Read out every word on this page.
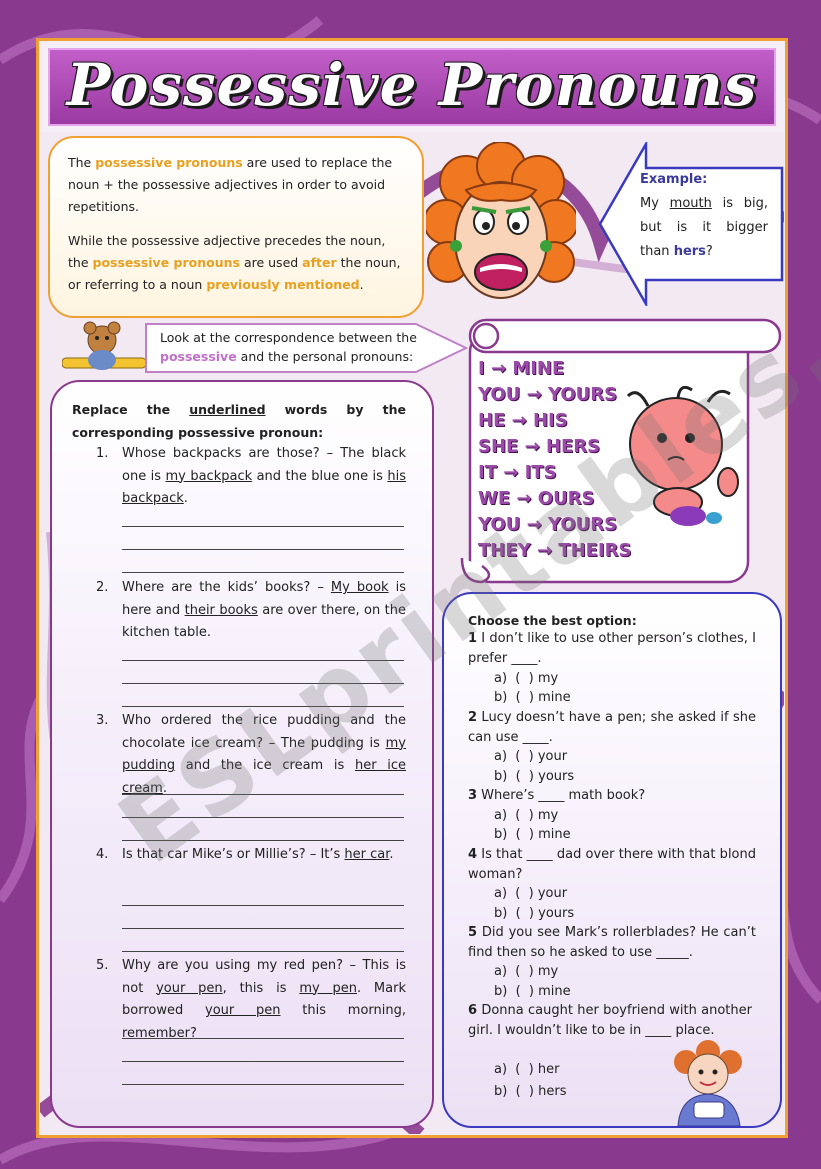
Possessive Pronouns

The possessive pronouns are used to replace the noun + the possessive adjectives in order to avoid repetitions.

While the possessive adjective precedes the noun, the possessive pronouns are used after the noun, or referring to a noun previously mentioned.

Example:
My mouth is big, but is it bigger than hers?
Look at the correspondence between the possessive and the personal pronouns:
I → MINE
YOU → YOURS
HE → HIS
SHE → HERS
IT → ITS
WE → OURS
YOU → YOURS
THEY → THEIRS
Replace the underlined words by the corresponding possessive pronoun:
1.	Whose backpacks are those? – The black one is my backpack and the blue one is his backpack.
2.	Where are the kids’ books? – My book is here and their books are over there, on the kitchen table.
3.	Who ordered the rice pudding and the chocolate ice cream? – The pudding is my pudding and the ice cream is her ice cream.
4.	Is that car Mike’s or Millie’s? – It’s her car.
5.	Why are you using my red pen? – This is not your pen, this is my pen. Mark borrowed your pen this morning, remember?
Choose the best option:
1 I don’t like to use other person’s clothes, I prefer ____.
a)  (  ) my
b)  (  ) mine
2 Lucy doesn’t have a pen; she asked if she can use ____.
a)  (  ) your
b)  (  ) yours
3 Where’s ____ math book?
a)  (  ) my
b)  (  ) mine
4 Is that ____ dad over there with that blond woman?
a)  (  ) your
b)  (  ) yours
5 Did you see Mark’s rollerblades? He can’t find then so he asked to use _____.
a)  (  ) my
b)  (  ) mine
6 Donna caught her boyfriend with another girl. I wouldn’t like to be in ____ place.
a)  (  ) her
b)  (  ) hers
